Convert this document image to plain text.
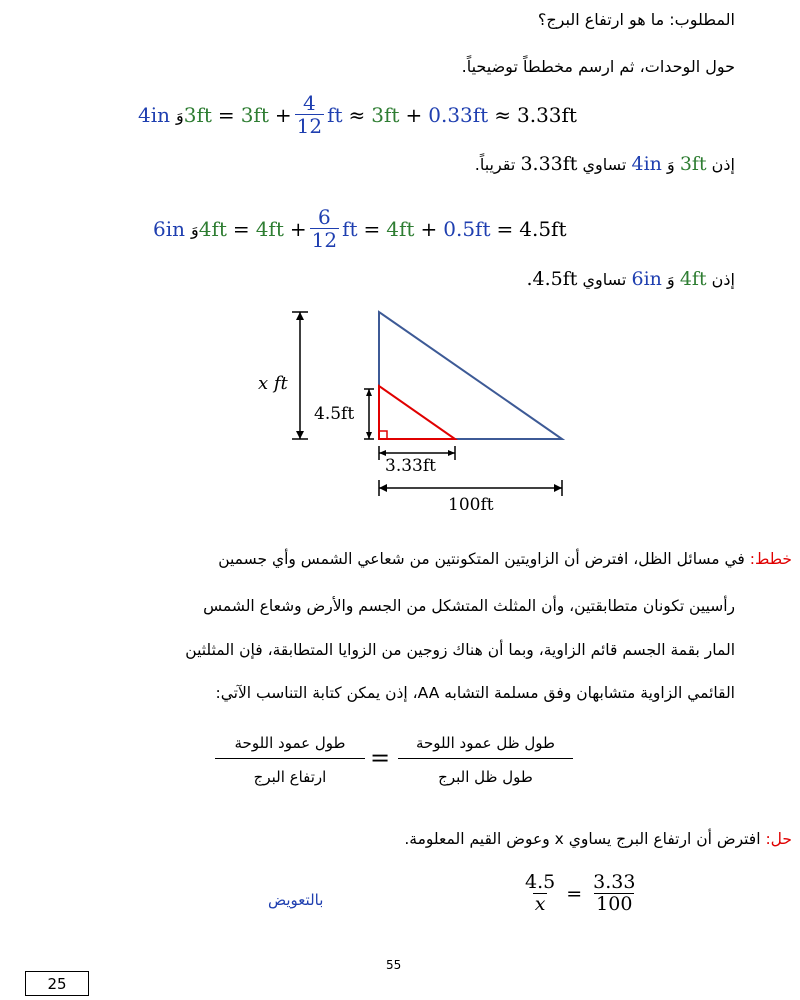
المطلوب: ما هو ارتفاع البرج؟
حول الوحدات، ثم ارسم مخططاً توضيحياً.
4in وَ $3ft = 3ft + \frac{4}{12}$ ft ≈ 3ft + 0.33ft ≈ 3.33ft
إذن 3ft وَ 4in تساوي 3.33ft تقريباً.
6in وَ $4ft = 4ft + \frac{6}{12}$ ft = 4ft + 0.5ft = 4.5ft
إذن 4ft وَ 6in تساوي 4.5ft.
x ft
4.5ft
3.33ft
100ft
خطط: في مسائل الظل، افترض أن الزاويتين المتكونتين من شعاعي الشمس وأي جسمين
رأسيين تكونان متطابقتين، وأن المثلث المتشكل من الجسم والأرض وشعاع الشمس
المار بقمة الجسم قائم الزاوية، وبما أن هناك زوجين من الزوايا المتطابقة، فإن المثلثين
القائمي الزاوية متشابهان وفق مسلمة التشابه AA، إذن يمكن كتابة التناسب الآتي:
طول عمود اللوحة
ارتفاع البرج
=
طول ظل عمود اللوحة
طول ظل البرج
حل: افترض أن ارتفاع البرج يساوي x وعوض القيم المعلومة.
$\frac{4.5}{x} = \frac{3.33}{100}$
بالتعويض
55
25
